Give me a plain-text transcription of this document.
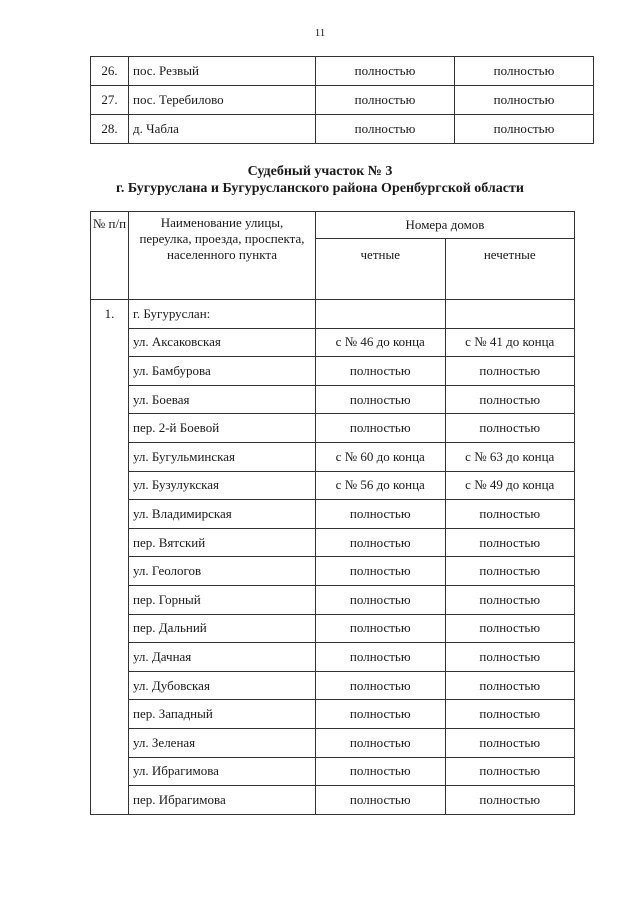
11
26.	пос. Резвый	полностью	полностью
27.	пос. Теребилово	полностью	полностью
28.	д. Чабла	полностью	полностью
Судебный участок № 3
г. Бугуруслана и Бугурусланского района Оренбургской области
№ п/п	Наименование улицы, переулка, проезда, проспекта, населенного пункта	Номера домов	
		четные	нечетные
1.	г. Бугуруслан:		
	ул. Аксаковская	с № 46 до конца	с № 41 до конца
	ул. Бамбурова	полностью	полностью
	ул. Боевая	полностью	полностью
	пер. 2-й Боевой	полностью	полностью
	ул. Бугульминская	с № 60 до конца	с № 63 до конца
	ул. Бузулукская	с № 56 до конца	с № 49 до конца
	ул. Владимирская	полностью	полностью
	пер. Вятский	полностью	полностью
	ул. Геологов	полностью	полностью
	пер. Горный	полностью	полностью
	пер. Дальний	полностью	полностью
	ул. Дачная	полностью	полностью
	ул. Дубовская	полностью	полностью
	пер. Западный	полностью	полностью
	ул. Зеленая	полностью	полностью
	ул. Ибрагимова	полностью	полностью
	пер. Ибрагимова	полностью	полностью
